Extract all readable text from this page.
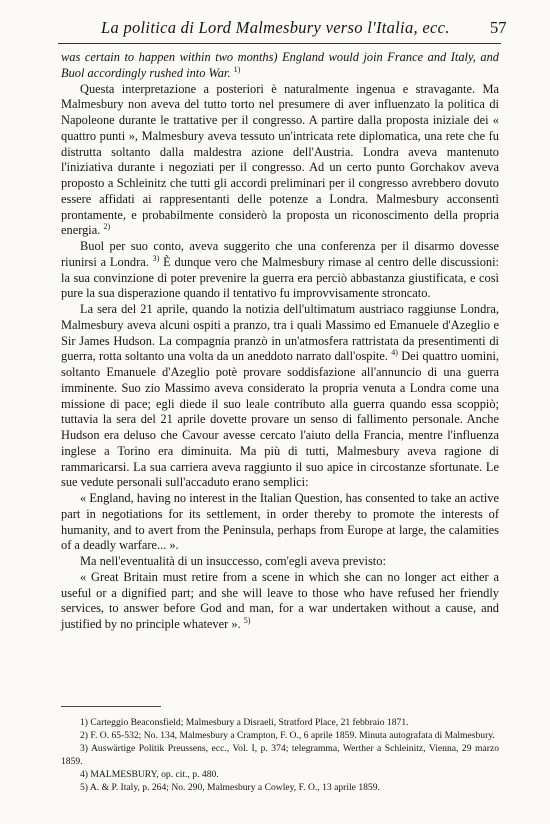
La politica di Lord Malmesbury verso l'Italia, ecc. 57

was certain to happen within two months) England would join France and Italy, and Buol accordingly rushed into War. $^{1)}$

Questa interpretazione a posteriori è naturalmente ingenua e stravagante. Ma Malmesbury non aveva del tutto torto nel presumere di aver influenzato la politica di Napoleone durante le trattative per il congresso. A partire dalla proposta iniziale dei « quattro punti », Malmesbury aveva tessuto un'intricata rete diplomatica, una rete che fu distrutta soltanto dalla maldestra azione dell'Austria. Londra aveva mantenuto l'iniziativa durante i negoziati per il congresso. Ad un certo punto Gorchakov aveva proposto a Schleinitz che tutti gli accordi preliminari per il congresso avrebbero dovuto essere affidati ai rappresentanti delle potenze a Londra. Malmesbury acconsentì prontamente, e probabilmente considerò la proposta un riconoscimento della propria energia. $^{2)}$

Buol per suo conto, aveva suggerito che una conferenza per il disarmo dovesse riunirsi a Londra. $^{3)}$ È dunque vero che Malmesbury rimase al centro delle discussioni: la sua convinzione di poter prevenire la guerra era perciò abbastanza giustificata, e così pure la sua disperazione quando il tentativo fu improvvisamente stroncato.

La sera del 21 aprile, quando la notizia dell'ultimatum austriaco raggiunse Londra, Malmesbury aveva alcuni ospiti a pranzo, tra i quali Massimo ed Emanuele d'Azeglio e Sir James Hudson. La compagnia pranzò in un'atmosfera rattristata da presentimenti di guerra, rotta soltanto una volta da un aneddoto narrato dall'ospite. $^{4)}$ Dei quattro uomini, soltanto Emanuele d'Azeglio potè provare soddisfazione all'annuncio di una guerra imminente. Suo zio Massimo aveva considerato la propria venuta a Londra come una missione di pace; egli diede il suo leale contributo alla guerra quando essa scoppiò; tuttavia la sera del 21 aprile dovette provare un senso di fallimento personale. Anche Hudson era deluso che Cavour avesse cercato l'aiuto della Francia, mentre l'influenza inglese a Torino era diminuita. Ma più di tutti, Malmesbury aveva ragione di rammaricarsi. La sua carriera aveva raggiunto il suo apice in circostanze sfortunate. Le sue vedute personali sull'accaduto erano semplici:

« England, having no interest in the Italian Question, has consented to take an active part in negotiations for its settlement, in order thereby to promote the interests of humanity, and to avert from the Peninsula, perhaps from Europe at large, the calamities of a deadly warfare... ».

Ma nell'eventualità di un insuccesso, com'egli aveva previsto:

« Great Britain must retire from a scene in which she can no longer act either a useful or a dignified part; and she will leave to those who have refused her friendly services, to answer before God and man, for a war undertaken without a cause, and justified by no principle whatever ». $^{5)}$

1) Carteggio Beaconsfield; Malmesbury a Disraeli, Stratford Place, 21 febbraio 1871.

2) F. O. 65-532; No. 134, Malmesbury a Crampton, F. O., 6 aprile 1859. Minuta autografata di Malmesbury.

3) Auswärtige Politik Preussens, ecc., Vol. I, p. 374; telegramma, Werther a Schleinitz, Vienna, 29 marzo 1859.

4) MALMESBURY, op. cit., p. 480.

5) A. & P. Italy, p. 264; No. 290, Malmesbury a Cowley, F. O., 13 aprile 1859.
